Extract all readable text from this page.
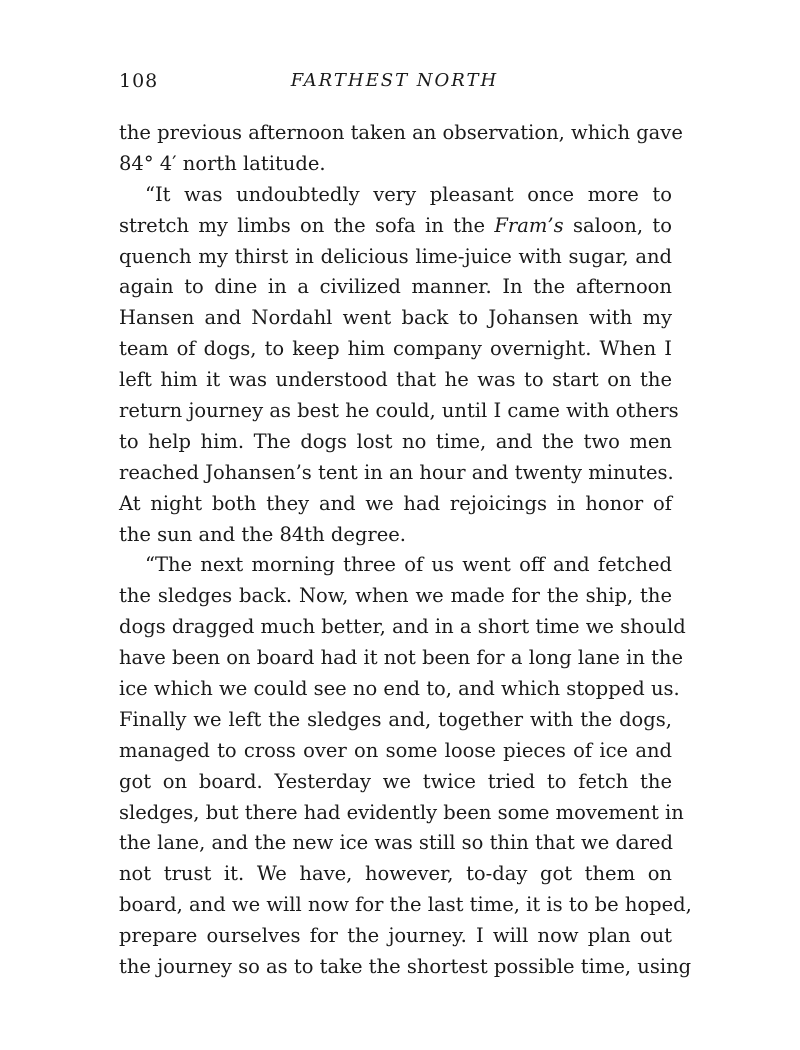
108	FARTHEST NORTH
the previous afternoon taken an observation, which gave
84° 4′ north latitude.
“It was undoubtedly very pleasant once more to
stretch my limbs on the sofa in the Fram’s saloon, to
quench my thirst in delicious lime-juice with sugar, and
again to dine in a civilized manner. In the afternoon
Hansen and Nordahl went back to Johansen with my
team of dogs, to keep him company overnight. When I
left him it was understood that he was to start on the
return journey as best he could, until I came with others
to help him. The dogs lost no time, and the two men
reached Johansen’s tent in an hour and twenty minutes.
At night both they and we had rejoicings in honor of
the sun and the 84th degree.
“The next morning three of us went off and fetched
the sledges back. Now, when we made for the ship, the
dogs dragged much better, and in a short time we should
have been on board had it not been for a long lane in the
ice which we could see no end to, and which stopped us.
Finally we left the sledges and, together with the dogs,
managed to cross over on some loose pieces of ice and
got on board. Yesterday we twice tried to fetch the
sledges, but there had evidently been some movement in
the lane, and the new ice was still so thin that we dared
not trust it. We have, however, to-day got them on
board, and we will now for the last time, it is to be hoped,
prepare ourselves for the journey. I will now plan out
the journey so as to take the shortest possible time, using
